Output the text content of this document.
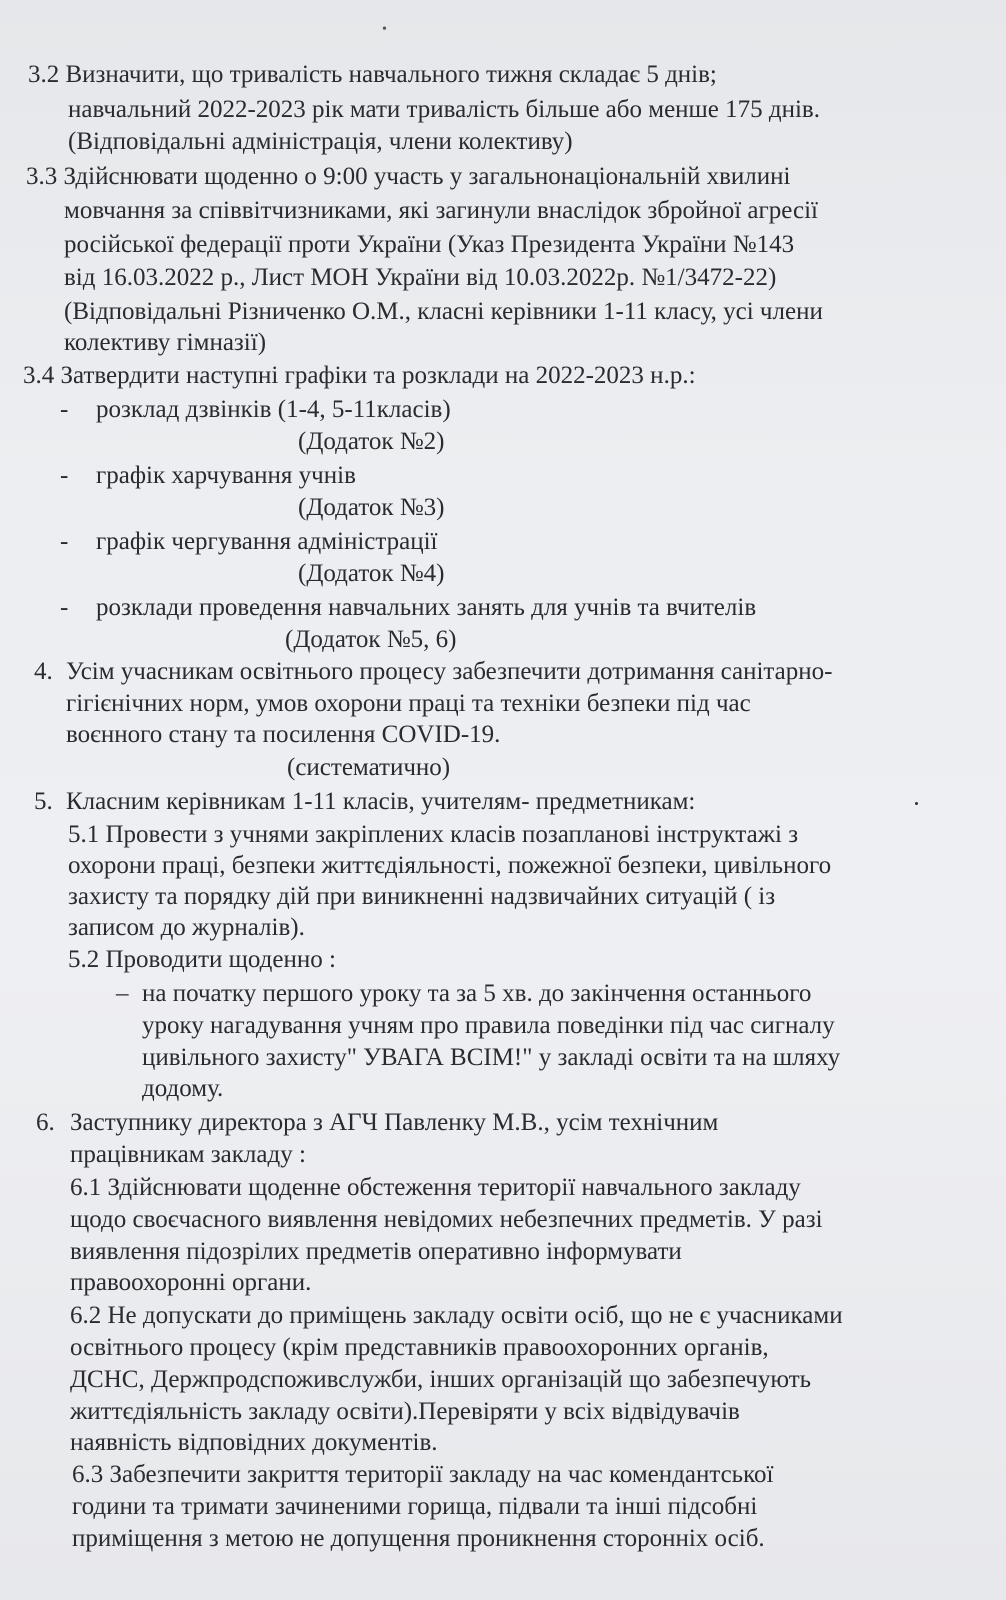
•
3.2 Визначити, що тривалість навчального тижня складає 5 днів;
навчальний 2022-2023 рік мати тривалість більше або менше 175 днів.
(Відповідальні адміністрація, члени колективу)
3.3 Здійснювати щоденно о 9:00 участь у загальнонаціональній хвилині
мовчання за співвітчизниками, які загинули внаслідок збройної агресії
російської федерації проти України (Указ Президента України №143
від 16.03.2022 р., Лист МОН України від 10.03.2022р. №1/3472-22)
(Відповідальні Різниченко О.М., класні керівники 1-11 класу, усі члени
колективу гімназії)
3.4 Затвердити наступні графіки та розклади на 2022-2023 н.р.:
- розклад дзвінків (1-4, 5-11класів)
(Додаток №2)
- графік харчування учнів
(Додаток №3)
- графік чергування адміністрації
(Додаток №4)
- розклади проведення навчальних занять для учнів та вчителів
(Додаток №5, 6)
4. Усім учасникам освітнього процесу забезпечити дотримання санітарно-
гігієнічних норм, умов охорони праці та техніки безпеки під час
воєнного стану та посилення COVID-19.
(систематично)
5. Класним керівникам 1-11 класів, учителям- предметникам:
5.1 Провести з учнями закріплених класів позапланові інструктажі з
охорони праці, безпеки життєдіяльності, пожежної безпеки, цивільного
захисту та порядку дій при виникненні надзвичайних ситуацій ( із
записом до журналів).
5.2 Проводити щоденно :
– на початку першого уроку та за 5 хв. до закінчення останнього
уроку нагадування учням про правила поведінки під час сигналу
цивільного захисту" УВАГА ВСІМ!" у закладі освіти та на шляху
додому.
6. Заступнику директора з АГЧ Павленку М.В., усім технічним
працівникам закладу :
6.1 Здійснювати щоденне обстеження території навчального закладу
щодо своєчасного виявлення невідомих небезпечних предметів. У разі
виявлення підозрілих предметів оперативно інформувати
правоохоронні органи.
6.2 Не допускати до приміщень закладу освіти осіб, що не є учасниками
освітнього процесу (крім представників правоохоронних органів,
ДСНС, Держпродспоживслужби, інших організацій що забезпечують
життєдіяльність закладу освіти).Перевіряти у всіх відвідувачів
наявність відповідних документів.
6.3 Забезпечити закриття території закладу на час комендантської
години та тримати зачиненими горища, підвали та інші підсобні
приміщення з метою не допущення проникнення сторонніх осіб.
